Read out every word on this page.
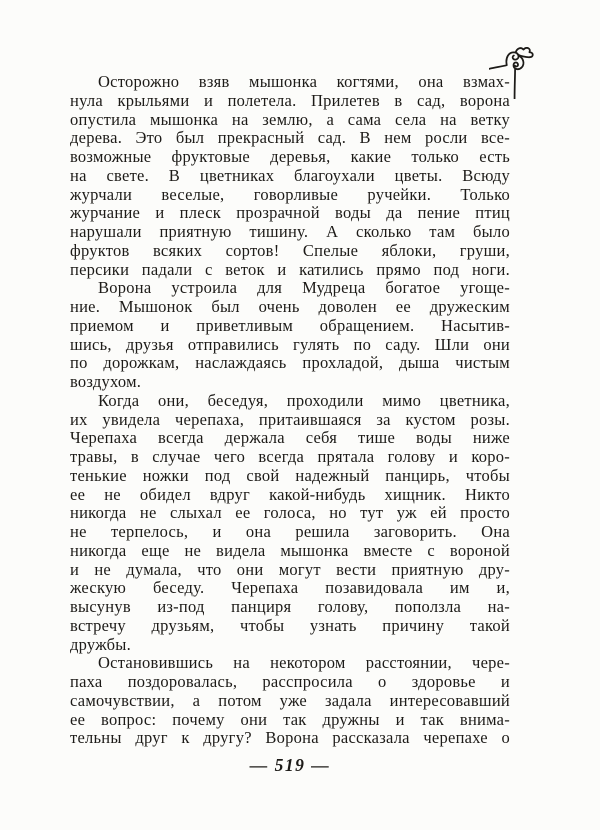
Осторожно взяв мышонка когтями, она взмах-
нула крыльями и полетела. Прилетев в сад, ворона
опустила мышонка на землю, а сама села на ветку
дерева. Это был прекрасный сад. В нем росли все-
возможные фруктовые деревья, какие только есть
на свете. В цветниках благоухали цветы. Всюду
журчали веселые, говорливые ручейки. Только
журчание и плеск прозрачной воды да пение птиц
нарушали приятную тишину. А сколько там было
фруктов всяких сортов! Спелые яблоки, груши,
персики падали с веток и катились прямо под ноги.
Ворона устроила для Мудреца богатое угоще-
ние. Мышонок был очень доволен ее дружеским
приемом и приветливым обращением. Насытив-
шись, друзья отправились гулять по саду. Шли они
по дорожкам, наслаждаясь прохладой, дыша чистым
воздухом.
Когда они, беседуя, проходили мимо цветника,
их увидела черепаха, притаившаяся за кустом розы.
Черепаха всегда держала себя тише воды ниже
травы, в случае чего всегда прятала голову и коро-
тенькие ножки под свой надежный панцирь, чтобы
ее не обидел вдруг какой-нибудь хищник. Никто
никогда не слыхал ее голоса, но тут уж ей просто
не терпелось, и она решила заговорить. Она
никогда еще не видела мышонка вместе с вороной
и не думала, что они могут вести приятную дру-
жескую беседу. Черепаха позавидовала им и,
высунув из-под панциря голову, поползла на-
встречу друзьям, чтобы узнать причину такой
дружбы.
Остановившись на некотором расстоянии, чере-
паха поздоровалась, расспросила о здоровье и
самочувствии, а потом уже задала интересовавший
ее вопрос: почему они так дружны и так внима-
тельны друг к другу? Ворона рассказала черепахе о
— 519 —
